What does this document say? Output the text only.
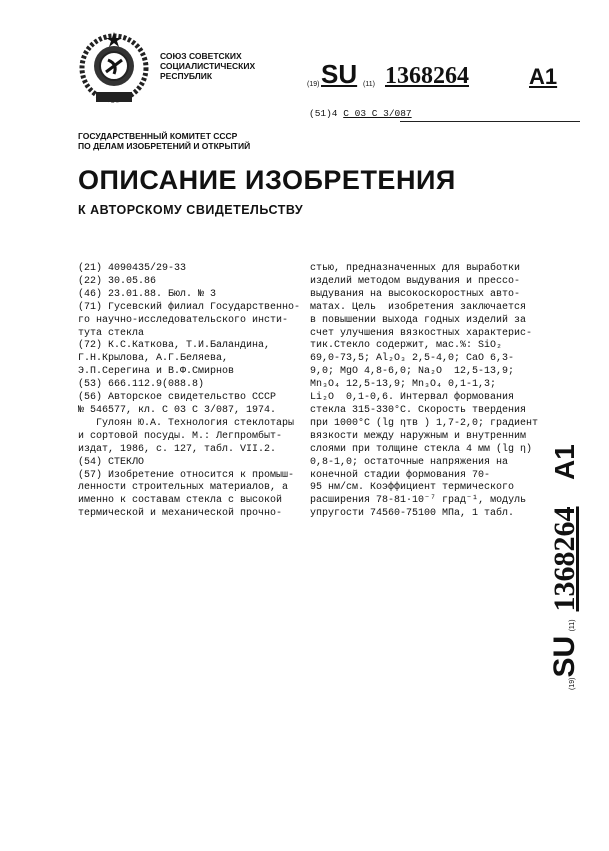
СОЮЗ СОВЕТСКИХ
СОЦИАЛИСТИЧЕСКИХ
РЕСПУБЛИК
(19) SU (11) 1368264	A1
(51)4 С 03 С 3/087
ГОСУДАРСТВЕННЫЙ КОМИТЕТ СССР
ПО ДЕЛАМ ИЗОБРЕТЕНИЙ И ОТКРЫТИЙ
ОПИСАНИЕ ИЗОБРЕТЕНИЯ
К АВТОРСКОМУ СВИДЕТЕЛЬСТВУ
(21) 4090435/29-33
(22) 30.05.86
(46) 23.01.88. Бюл. № 3
(71) Гусевский филиал Государственно-
го научно-исследовательского инсти-
тута стекла
(72) К.С.Каткова, Т.И.Баландина,
Г.Н.Крылова, А.Г.Беляева,
Э.П.Серегина и В.Ф.Смирнов
(53) 666.112.9(088.8)
(56) Авторское свидетельство СССР
№ 546577, кл. С 03 С 3/087, 1974.
Гулоян Ю.А. Технология стеклотары
и сортовой посуды. М.: Легпромбыт-
издат, 1986, с. 127, табл. VII.2.
(54) СТЕКЛО
(57) Изобретение относится к промыш-
ленности строительных материалов, а
именно к составам стекла с высокой
термической и механической прочно-
стью, предназначенных для выработки
изделий методом выдувания и прессо-
выдувания на высокоскоростных авто-
матах. Цель  изобретения заключается
в повышении выхода годных изделий за
счет улучшения вязкостных характерис-
тик.Стекло содержит, мас.%: SiO₂
69,0-73,5; Al₂O₃ 2,5-4,0; CaO 6,3-
9,0; MgO 4,8-6,0; Na₂O  12,5-13,9;
Mn₃O₄ 12,5-13,9; Mn₃O₄ 0,1-1,3;
Li₂O  0,1-0,6. Интервал формования
стекла 315-330°С. Скорость твердения
при 1000°С (lg ηтв ) 1,7-2,0; градиент
вязкости между наружным и внутренним
слоями при толщине стекла 4 мм (lg η)
0,8-1,0; остаточные напряжения на
конечной стадии формования 70-
95 нм/см. Коэффициент термического
расширения 78-81·10⁻⁷ град⁻¹, модуль
упругости 74560-75100 МПа, 1 табл.
(19)SU (11)1368264 A1
